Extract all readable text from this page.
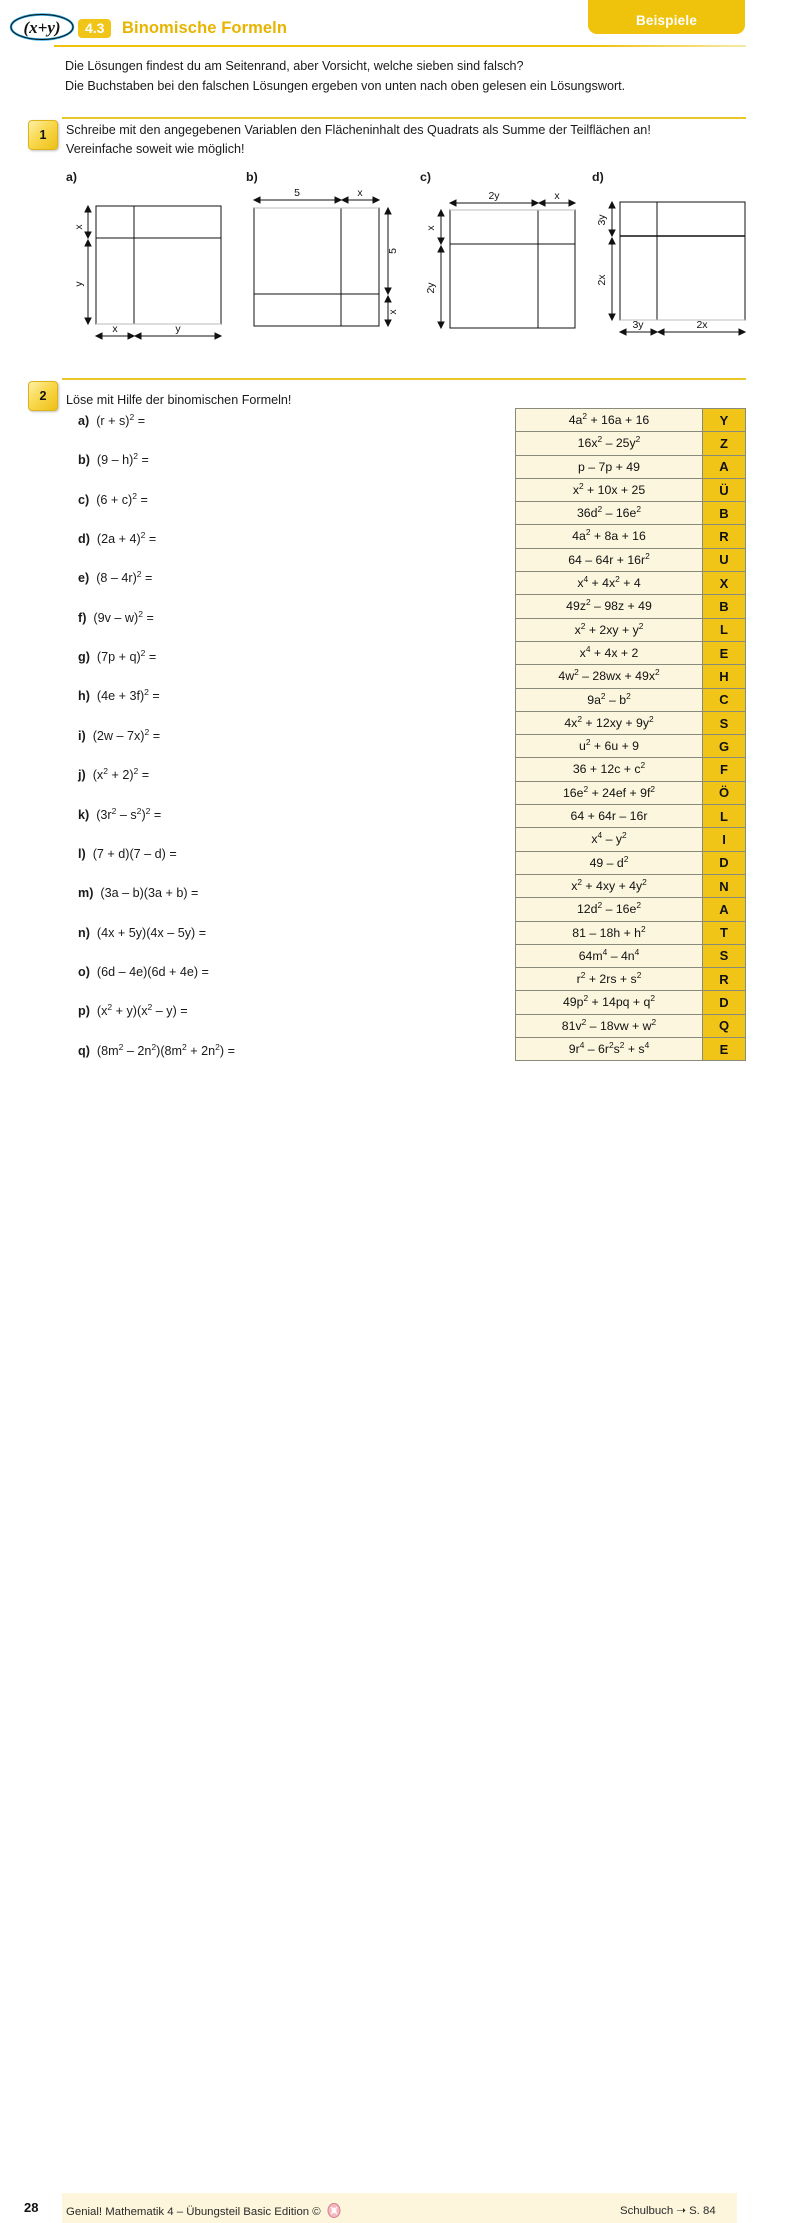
Beispiele
(x+y)	4.3	Binomische Formeln
Die Lösungen findest du am Seitenrand, aber Vorsicht, welche sieben sind falsch?
Die Buchstaben bei den falschen Lösungen ergeben von unten nach oben gelesen ein Lösungswort.
1 Schreibe mit den angegebenen Variablen den Flächeninhalt des Quadrats als Summe der Teilflächen an!
Vereinfache soweit wie möglich!
a)	b)	c)	d)
x
y
x	y
5	x
5
x
2y	x
x
2y
3y
2x
3y	2x
2 Löse mit Hilfe der binomischen Formeln!
a)  $(r + s)^2$ =
b)  (9 – h)$^2$ =
c)  $(6 + c)^2$ =
d)  $(2a + 4)^2$ =
e)  (8 – 4r)$^2$ =
f)  (9v – w)$^2$ =
g)  $(7p + q)^2$ =
h)  $(4e + 3f)^2$ =
i)  (2w – 7x)$^2$ =
j)  $(x^2 + 2)^2$ =
k)  $(3r^2 - s^2)^2$ =
l)  (7 + d)(7 – d) =
m)  (3a – b)(3a + b) =
n)  (4x + 5y)(4x – 5y) =
o)  (6d – 4e)(6d + 4e) =
p)  $(x^2 + y)(x^2 - y)$ =
q)  $(8m^2 - 2n^2)(8m^2 + 2n^2)$ =
$4a^2 + 16a + 16$	Y
$16x^2 - 25y^2$	Z
p – 7p + 49	A
$x^2 + 10x + 25$	Ü
$36d^2 - 16e^2$	B
$4a^2 + 8a + 16$	R
$64 - 64r + 16r^2$	U
$x^4 + 4x^2 + 4$	X
$49z^2 - 98z + 49$	B
$x^2 + 2xy + y^2$	L
$x^4 + 4x + 2$	E
$4w^2 - 28wx + 49x^2$	H
$9a^2 - b^2$	C
$4x^2 + 12xy + 9y^2$	S
$u^2 + 6u + 9$	G
$36 + 12c + c^2$	F
$16e^2 + 24ef + 9f^2$	Ö
64 + 64r – 16r	L
$x^4 - y^2$	I
$49 - d^2$	D
$x^2 + 4xy + 4y^2$	N
$12d^2 - 16e^2$	A
$81 - 18h + h^2$	T
$64m^4 - 4n^4$	S
$r^2 + 2rs + s^2$	R
$49p^2 + 14pq + q^2$	D
$81v^2 - 18vw + w^2$	Q
$9r^4 - 6r^2s^2 + s^4$	E
28 Genial! Mathematik 4 – Übungsteil Basic Edition ©	Schulbuch ➝ S. 84
